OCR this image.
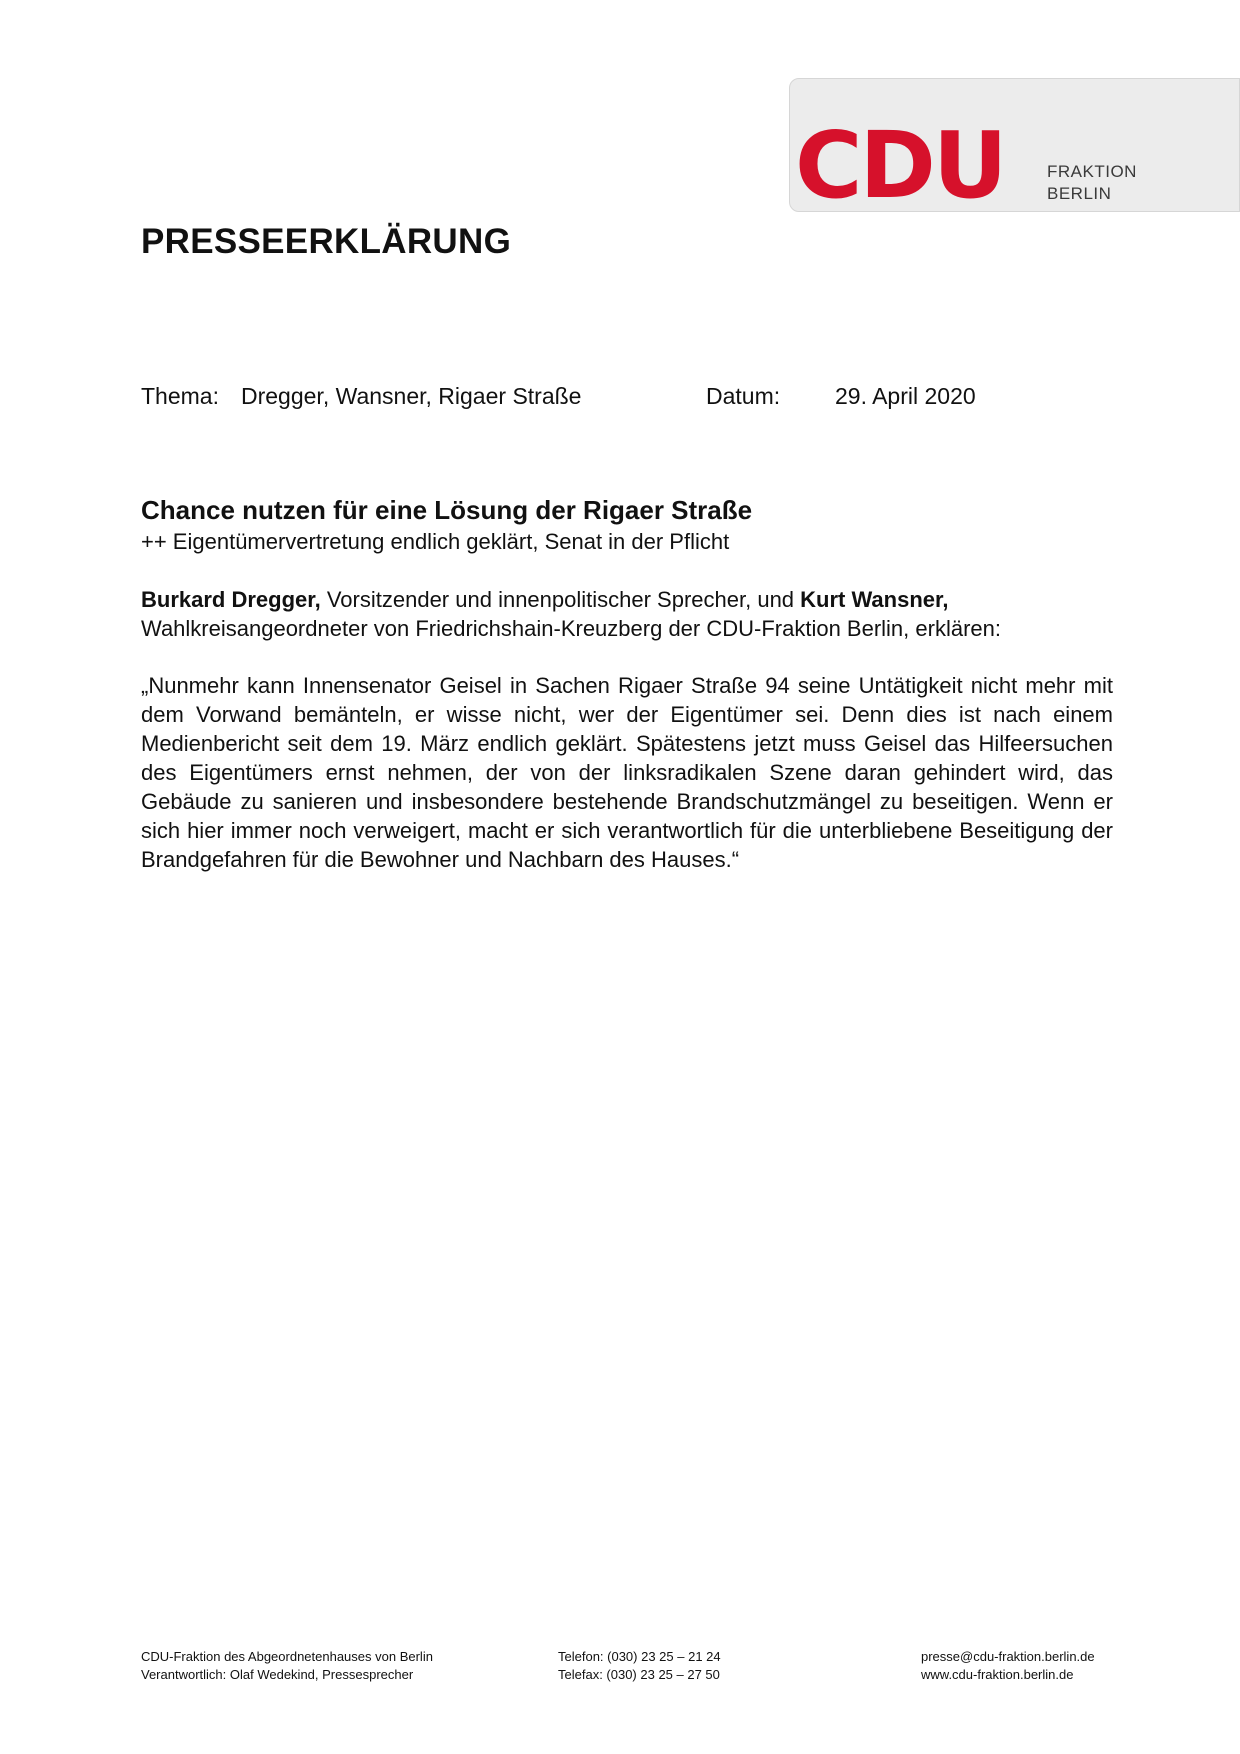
CDU FRAKTION
BERLIN
PRESSEERKLÄRUNG
Thema: Dregger, Wansner, Rigaer Straße	Datum: 29. April 2020
Chance nutzen für eine Lösung der Rigaer Straße
++ Eigentümervertretung endlich geklärt, Senat in der Pflicht
Burkard Dregger, Vorsitzender und innenpolitischer Sprecher, und Kurt Wansner,
Wahlkreisangeordneter von Friedrichshain-Kreuzberg der CDU-Fraktion Berlin, erklären:
„Nunmehr kann Innensenator Geisel in Sachen Rigaer Straße 94 seine Untätigkeit nicht mehr mit dem Vorwand bemänteln, er wisse nicht, wer der Eigentümer sei. Denn dies ist nach einem Medienbericht seit dem 19. März endlich geklärt. Spätestens jetzt muss Geisel das Hilfeersuchen des Eigentümers ernst nehmen, der von der linksradikalen Szene daran gehindert wird, das Gebäude zu sanieren und insbesondere bestehende Brandschutzmängel zu beseitigen. Wenn er sich hier immer noch verweigert, macht er sich verantwortlich für die unterbliebene Beseitigung der Brandgefahren für die Bewohner und Nachbarn des Hauses.“
CDU-Fraktion des Abgeordnetenhauses von Berlin
Verantwortlich: Olaf Wedekind, Pressesprecher
Telefon: (030) 23 25 – 21 24
Telefax: (030) 23 25 – 27 50
presse@cdu-fraktion.berlin.de
www.cdu-fraktion.berlin.de
